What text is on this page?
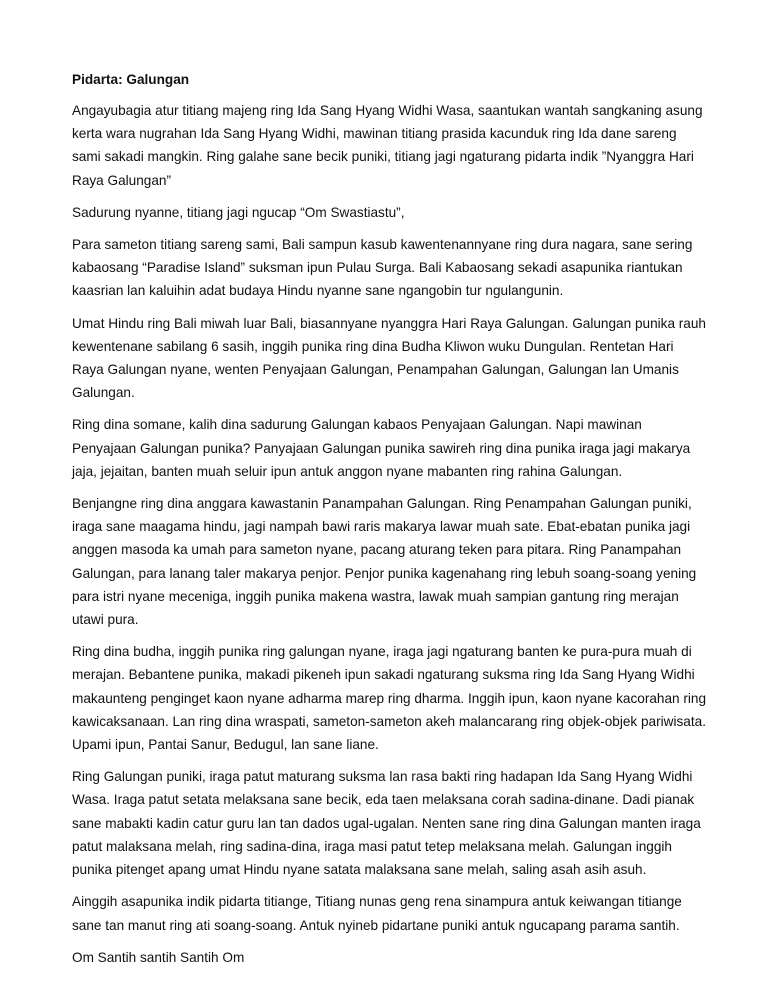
Pidarta: Galungan

Angayubagia atur titiang majeng ring Ida Sang Hyang Widhi Wasa, saantukan wantah sangkaning asung kerta wara nugrahan Ida Sang Hyang Widhi, mawinan titiang prasida kacunduk ring Ida dane sareng sami sakadi mangkin. Ring galahe sane becik puniki, titiang jagi ngaturang pidarta indik ”Nyanggra Hari Raya Galungan”

Sadurung nyanne, titiang jagi ngucap “Om Swastiastu”,

Para sameton titiang sareng sami, Bali sampun kasub kawentenannyane ring dura nagara, sane sering kabaosang “Paradise Island” suksman ipun Pulau Surga. Bali Kabaosang sekadi asapunika riantukan kaasrian lan kaluihin adat budaya Hindu nyanne sane ngangobin tur ngulangunin.

Umat Hindu ring Bali miwah luar Bali, biasannyane nyanggra Hari Raya Galungan. Galungan punika rauh kewentenane sabilang 6 sasih, inggih punika ring dina Budha Kliwon wuku Dungulan. Rentetan Hari Raya Galungan nyane, wenten Penyajaan Galungan, Penampahan Galungan, Galungan lan Umanis Galungan.

Ring dina somane, kalih dina sadurung Galungan kabaos Penyajaan Galungan. Napi mawinan Penyajaan Galungan punika? Panyajaan Galungan punika sawireh ring dina punika iraga jagi makarya jaja, jejaitan, banten muah seluir ipun antuk anggon nyane mabanten ring rahina Galungan.

Benjangne ring dina anggara kawastanin Panampahan Galungan. Ring Penampahan Galungan puniki, iraga sane maagama hindu, jagi nampah bawi raris makarya lawar muah sate. Ebat-ebatan punika jagi anggen masoda ka umah para sameton nyane, pacang aturang teken para pitara. Ring Panampahan Galungan, para lanang taler makarya penjor. Penjor punika kagenahang ring lebuh soang-soang yening para istri nyane meceniga, inggih punika makena wastra, lawak muah sampian gantung ring merajan utawi pura.

Ring dina budha, inggih punika ring galungan nyane, iraga jagi ngaturang banten ke pura-pura muah di merajan. Bebantene punika, makadi pikeneh ipun sakadi ngaturang suksma ring Ida Sang Hyang Widhi makaunteng penginget kaon nyane adharma marep ring dharma. Inggih ipun, kaon nyane kacorahan ring kawicaksanaan. Lan ring dina wraspati, sameton-sameton akeh malancarang ring objek-objek pariwisata. Upami ipun, Pantai Sanur, Bedugul, lan sane liane.

Ring Galungan puniki, iraga patut maturang suksma lan rasa bakti ring hadapan Ida Sang Hyang Widhi Wasa. Iraga patut setata melaksana sane becik, eda taen melaksana corah sadina-dinane. Dadi pianak sane mabakti kadin catur guru lan tan dados ugal-ugalan. Nenten sane ring dina Galungan manten iraga patut malaksana melah, ring sadina-dina, iraga masi patut tetep melaksana melah. Galungan inggih punika pitenget apang umat Hindu nyane satata malaksana sane melah, saling asah asih asuh.

Ainggih asapunika indik pidarta titiange, Titiang nunas geng rena sinampura antuk keiwangan titiange sane tan manut ring ati soang-soang. Antuk nyineb pidartane puniki antuk ngucapang parama santih.

Om Santih santih Santih Om
